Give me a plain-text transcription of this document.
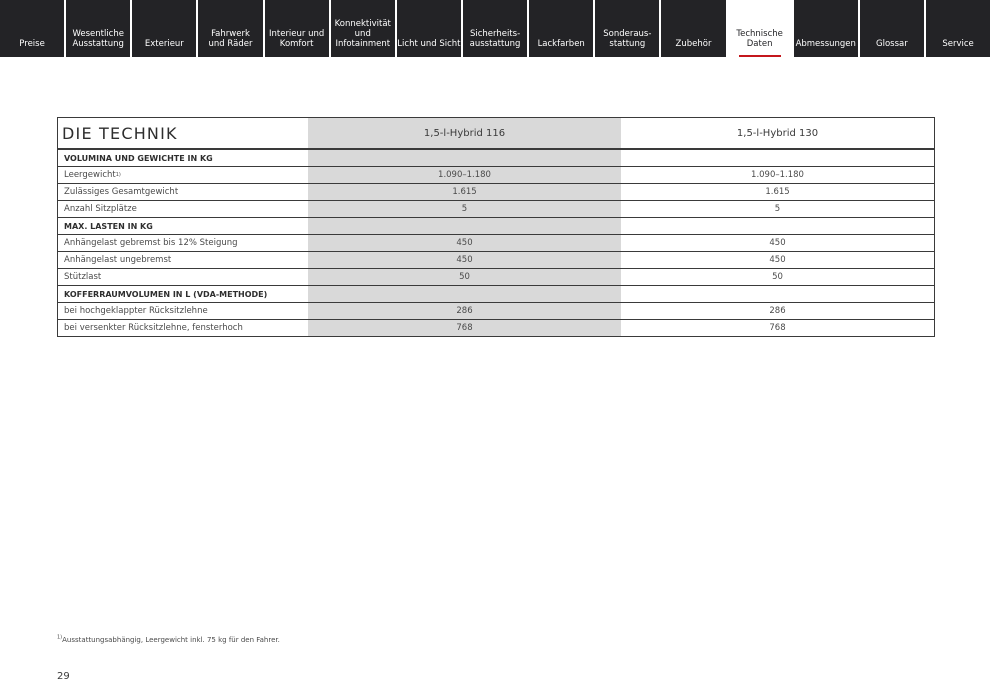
Preise
Wesentliche
Ausstattung	Exterieur
Fahrwerk
und Räder
Interieur und
Komfort
Konnektivität
und
Infotainment Licht und Sicht
Sicherheits-
ausstattung	Lackfarben
Sonderaus-
stattung	Zubehör
Technische
Daten	Abmessungen	Glossar	Service
DIE TECHNIK	1,5-l-Hybrid 116	1,5-l-Hybrid 130
VOLUMINA UND GEWICHTE IN KG
Leergewicht 1)	1.090–1.180	1.090–1.180
Zulässiges Gesamtgewicht	1.615	1.615
Anzahl Sitzplätze	5	5
MAX. LASTEN IN KG
Anhängelast gebremst bis 12% Steigung	450	450
Anhängelast ungebremst	450	450
Stützlast	50	50
KOFFERRAUMVOLUMEN IN L (VDA-METHODE)
bei hochgeklappter Rücksitzlehne	286	286
bei versenkter Rücksitzlehne, fensterhoch	768	768
$^{1)}$Ausstattungsabhängig, Leergewicht inkl. 75 kg für den Fahrer.
29
